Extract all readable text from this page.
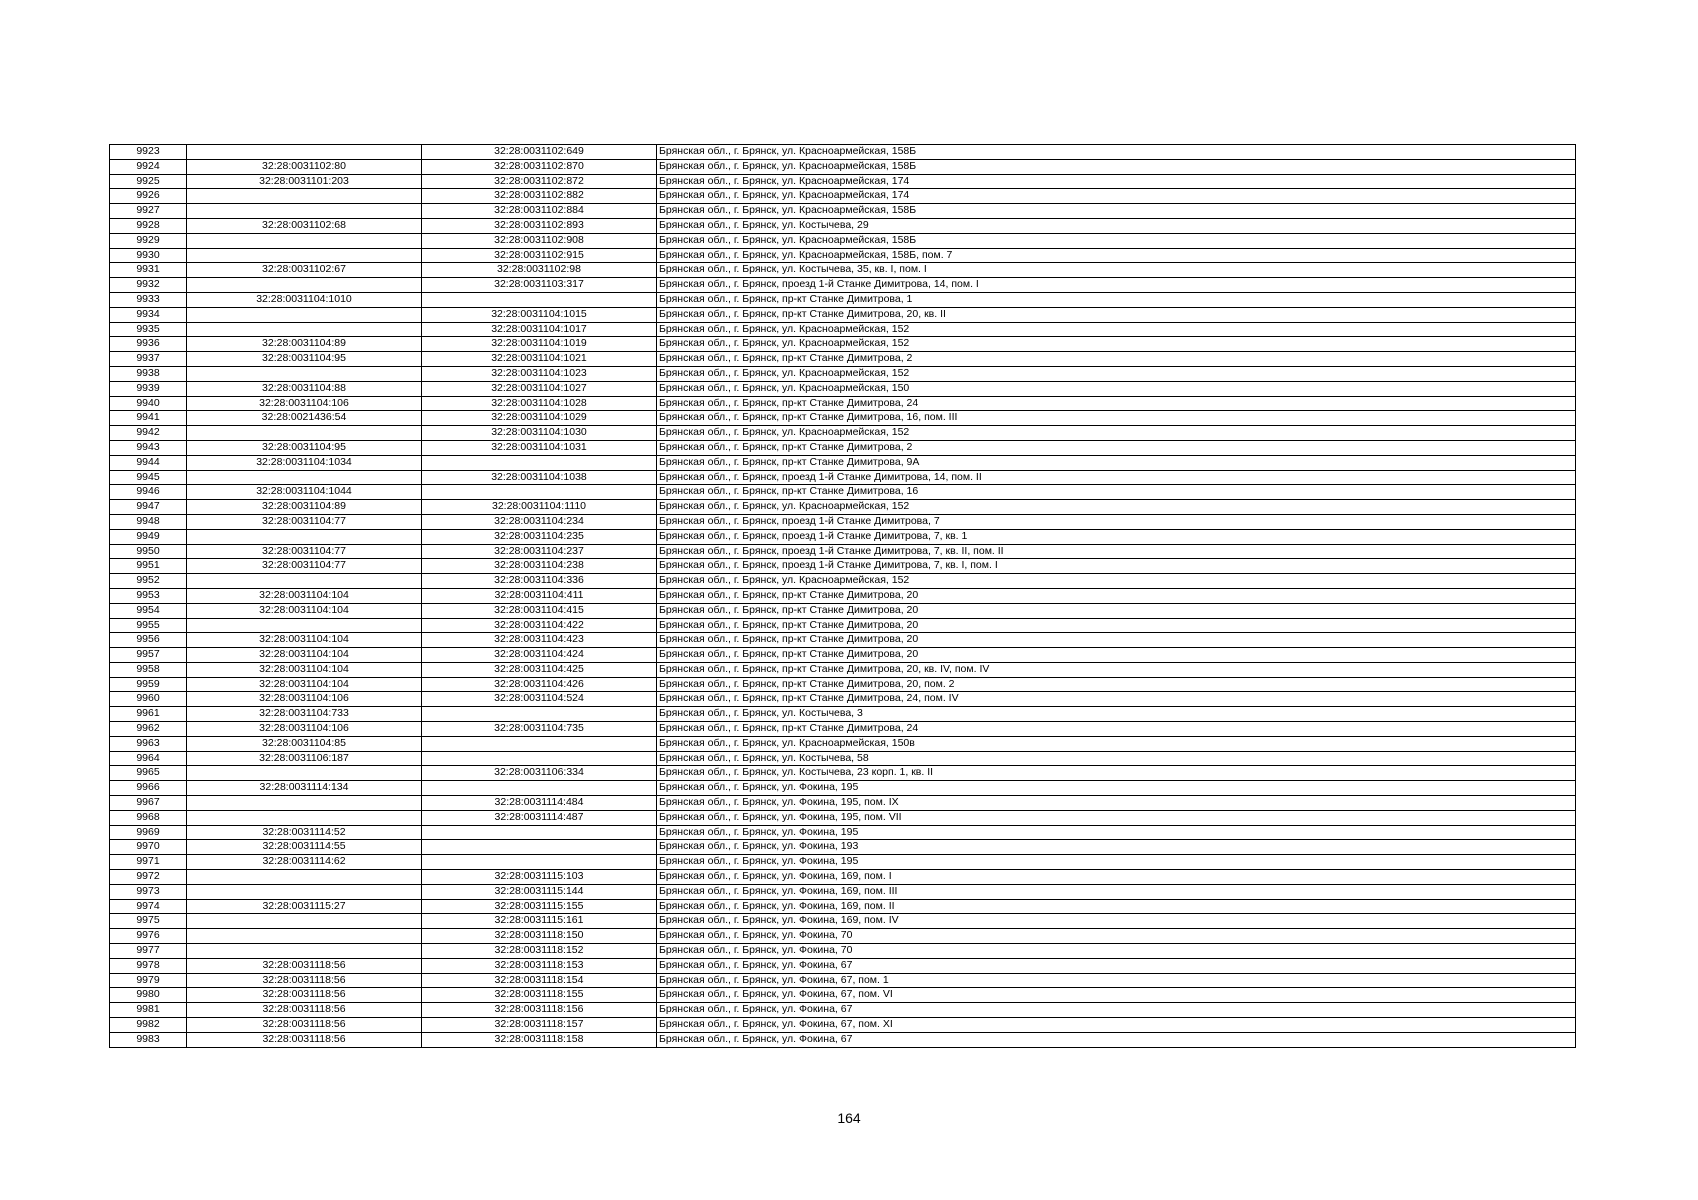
9923		32:28:0031102:649	Брянская обл., г. Брянск, ул. Красноармейская, 158Б
9924	32:28:0031102:80	32:28:0031102:870	Брянская обл., г. Брянск, ул. Красноармейская, 158Б
9925	32:28:0031101:203	32:28:0031102:872	Брянская обл., г. Брянск, ул. Красноармейская, 174
9926		32:28:0031102:882	Брянская обл., г. Брянск, ул. Красноармейская, 174
9927		32:28:0031102:884	Брянская обл., г. Брянск, ул. Красноармейская, 158Б
9928	32:28:0031102:68	32:28:0031102:893	Брянская обл., г. Брянск, ул. Костычева, 29
9929		32:28:0031102:908	Брянская обл., г. Брянск, ул. Красноармейская, 158Б
9930		32:28:0031102:915	Брянская обл., г. Брянск, ул. Красноармейская, 158Б, пом. 7
9931	32:28:0031102:67	32:28:0031102:98	Брянская обл., г. Брянск, ул. Костычева, 35, кв. I, пом. I
9932		32:28:0031103:317	Брянская обл., г. Брянск, проезд 1-й Станке Димитрова, 14, пом. I
9933	32:28:0031104:1010		Брянская обл., г. Брянск, пр-кт Станке Димитрова, 1
9934		32:28:0031104:1015	Брянская обл., г. Брянск, пр-кт Станке Димитрова, 20, кв. II
9935		32:28:0031104:1017	Брянская обл., г. Брянск, ул. Красноармейская, 152
9936	32:28:0031104:89	32:28:0031104:1019	Брянская обл., г. Брянск, ул. Красноармейская, 152
9937	32:28:0031104:95	32:28:0031104:1021	Брянская обл., г. Брянск, пр-кт Станке Димитрова, 2
9938		32:28:0031104:1023	Брянская обл., г. Брянск, ул. Красноармейская, 152
9939	32:28:0031104:88	32:28:0031104:1027	Брянская обл., г. Брянск, ул. Красноармейская, 150
9940	32:28:0031104:106	32:28:0031104:1028	Брянская обл., г. Брянск, пр-кт Станке Димитрова, 24
9941	32:28:0021436:54	32:28:0031104:1029	Брянская обл., г. Брянск, пр-кт Станке Димитрова, 16, пом. III
9942		32:28:0031104:1030	Брянская обл., г. Брянск, ул. Красноармейская, 152
9943	32:28:0031104:95	32:28:0031104:1031	Брянская обл., г. Брянск, пр-кт Станке Димитрова, 2
9944	32:28:0031104:1034		Брянская обл., г. Брянск, пр-кт Станке Димитрова, 9А
9945		32:28:0031104:1038	Брянская обл., г. Брянск, проезд 1-й Станке Димитрова, 14, пом. II
9946	32:28:0031104:1044		Брянская обл., г. Брянск, пр-кт Станке Димитрова, 16
9947	32:28:0031104:89	32:28:0031104:1110	Брянская обл., г. Брянск, ул. Красноармейская, 152
9948	32:28:0031104:77	32:28:0031104:234	Брянская обл., г. Брянск, проезд 1-й Станке Димитрова, 7
9949		32:28:0031104:235	Брянская обл., г. Брянск, проезд 1-й Станке Димитрова, 7, кв. 1
9950	32:28:0031104:77	32:28:0031104:237	Брянская обл., г. Брянск, проезд 1-й Станке Димитрова, 7, кв. II, пом. II
9951	32:28:0031104:77	32:28:0031104:238	Брянская обл., г. Брянск, проезд 1-й Станке Димитрова, 7, кв. I, пом. I
9952		32:28:0031104:336	Брянская обл., г. Брянск, ул. Красноармейская, 152
9953	32:28:0031104:104	32:28:0031104:411	Брянская обл., г. Брянск, пр-кт Станке Димитрова, 20
9954	32:28:0031104:104	32:28:0031104:415	Брянская обл., г. Брянск, пр-кт Станке Димитрова, 20
9955		32:28:0031104:422	Брянская обл., г. Брянск, пр-кт Станке Димитрова, 20
9956	32:28:0031104:104	32:28:0031104:423	Брянская обл., г. Брянск, пр-кт Станке Димитрова, 20
9957	32:28:0031104:104	32:28:0031104:424	Брянская обл., г. Брянск, пр-кт Станке Димитрова, 20
9958	32:28:0031104:104	32:28:0031104:425	Брянская обл., г. Брянск, пр-кт Станке Димитрова, 20, кв. IV, пом. IV
9959	32:28:0031104:104	32:28:0031104:426	Брянская обл., г. Брянск, пр-кт Станке Димитрова, 20, пом. 2
9960	32:28:0031104:106	32:28:0031104:524	Брянская обл., г. Брянск, пр-кт Станке Димитрова, 24, пом. IV
9961	32:28:0031104:733		Брянская обл., г. Брянск, ул. Костычева, 3
9962	32:28:0031104:106	32:28:0031104:735	Брянская обл., г. Брянск, пр-кт Станке Димитрова, 24
9963	32:28:0031104:85		Брянская обл., г. Брянск, ул. Красноармейская, 150в
9964	32:28:0031106:187		Брянская обл., г. Брянск, ул. Костычева, 58
9965		32:28:0031106:334	Брянская обл., г. Брянск, ул. Костычева, 23 корп. 1, кв. II
9966	32:28:0031114:134		Брянская обл., г. Брянск, ул. Фокина, 195
9967		32:28:0031114:484	Брянская обл., г. Брянск, ул. Фокина, 195, пом. IX
9968		32:28:0031114:487	Брянская обл., г. Брянск, ул. Фокина, 195, пом. VII
9969	32:28:0031114:52		Брянская обл., г. Брянск, ул. Фокина, 195
9970	32:28:0031114:55		Брянская обл., г. Брянск, ул. Фокина, 193
9971	32:28:0031114:62		Брянская обл., г. Брянск, ул. Фокина, 195
9972		32:28:0031115:103	Брянская обл., г. Брянск, ул. Фокина, 169, пом. I
9973		32:28:0031115:144	Брянская обл., г. Брянск, ул. Фокина, 169, пом. III
9974	32:28:0031115:27	32:28:0031115:155	Брянская обл., г. Брянск, ул. Фокина, 169, пом. II
9975		32:28:0031115:161	Брянская обл., г. Брянск, ул. Фокина, 169, пом. IV
9976		32:28:0031118:150	Брянская обл., г. Брянск, ул. Фокина, 70
9977		32:28:0031118:152	Брянская обл., г. Брянск, ул. Фокина, 70
9978	32:28:0031118:56	32:28:0031118:153	Брянская обл., г. Брянск, ул. Фокина, 67
9979	32:28:0031118:56	32:28:0031118:154	Брянская обл., г. Брянск, ул. Фокина, 67, пом. 1
9980	32:28:0031118:56	32:28:0031118:155	Брянская обл., г. Брянск, ул. Фокина, 67, пом. VI
9981	32:28:0031118:56	32:28:0031118:156	Брянская обл., г. Брянск, ул. Фокина, 67
9982	32:28:0031118:56	32:28:0031118:157	Брянская обл., г. Брянск, ул. Фокина, 67, пом. XI
9983	32:28:0031118:56	32:28:0031118:158	Брянская обл., г. Брянск, ул. Фокина, 67
164
